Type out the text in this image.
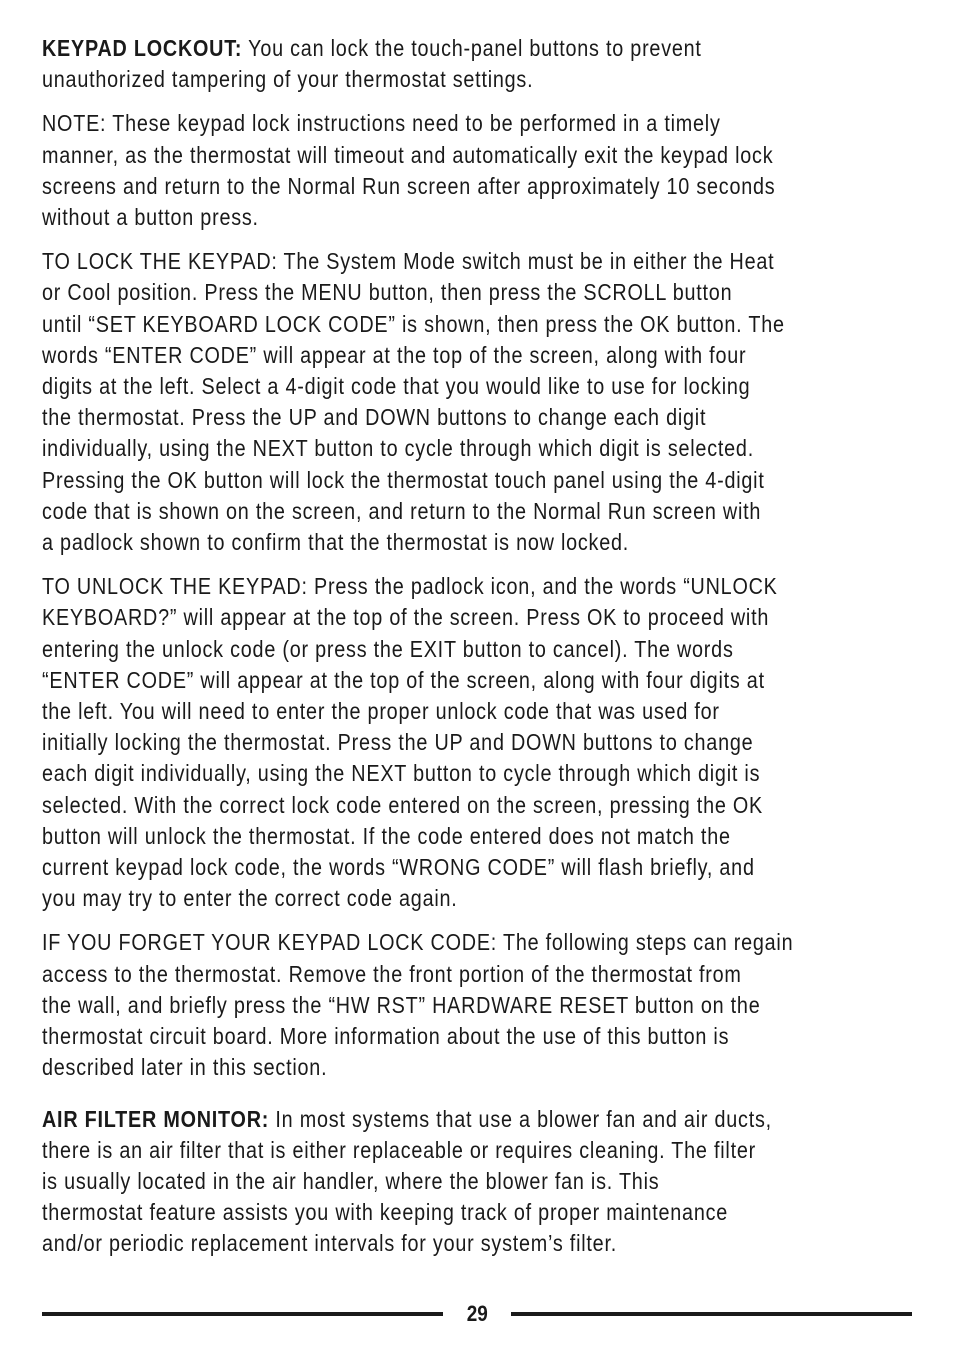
KEYPAD LOCKOUT: You can lock the touch-panel buttons to prevent
unauthorized tampering of your thermostat settings.

NOTE: These keypad lock instructions need to be performed in a timely
manner, as the thermostat will timeout and automatically exit the keypad lock
screens and return to the Normal Run screen after approximately 10 seconds
without a button press.

TO LOCK THE KEYPAD: The System Mode switch must be in either the Heat
or Cool position. Press the MENU button, then press the SCROLL button
until “SET KEYBOARD LOCK CODE” is shown, then press the OK button. The
words “ENTER CODE” will appear at the top of the screen, along with four
digits at the left. Select a 4-digit code that you would like to use for locking
the thermostat. Press the UP and DOWN buttons to change each digit
individually, using the NEXT button to cycle through which digit is selected.
Pressing the OK button will lock the thermostat touch panel using the 4-digit
code that is shown on the screen, and return to the Normal Run screen with
a padlock shown to confirm that the thermostat is now locked.

TO UNLOCK THE KEYPAD: Press the padlock icon, and the words “UNLOCK
KEYBOARD?” will appear at the top of the screen. Press OK to proceed with
entering the unlock code (or press the EXIT button to cancel). The words
“ENTER CODE” will appear at the top of the screen, along with four digits at
the left. You will need to enter the proper unlock code that was used for
initially locking the thermostat. Press the UP and DOWN buttons to change
each digit individually, using the NEXT button to cycle through which digit is
selected. With the correct lock code entered on the screen, pressing the OK
button will unlock the thermostat. If the code entered does not match the
current keypad lock code, the words “WRONG CODE” will flash briefly, and
you may try to enter the correct code again.

IF YOU FORGET YOUR KEYPAD LOCK CODE: The following steps can regain
access to the thermostat. Remove the front portion of the thermostat from
the wall, and briefly press the “HW RST” HARDWARE RESET button on the
thermostat circuit board. More information about the use of this button is
described later in this section.

AIR FILTER MONITOR: In most systems that use a blower fan and air ducts,
there is an air filter that is either replaceable or requires cleaning. The filter
is usually located in the air handler, where the blower fan is. This
thermostat feature assists you with keeping track of proper maintenance
and/or periodic replacement intervals for your system’s filter.

29
